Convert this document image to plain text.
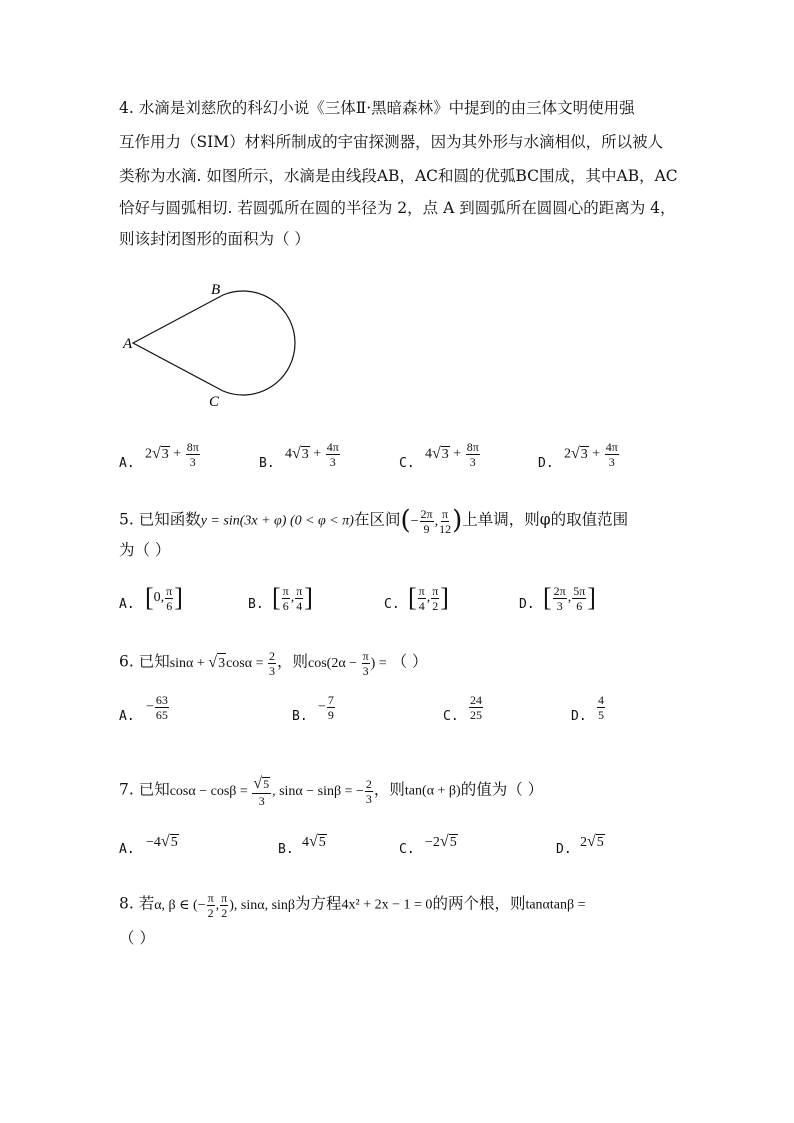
4. 水滴是刘慈欣的科幻小说《三体Ⅱ·黑暗森林》中提到的由三体文明使用强
互作用力（SIM）材料所制成的宇宙探测器，因为其外形与水滴相似，所以被人
类称为水滴. 如图所示，水滴是由线段AB，AC和圆的优弧BC围成，其中AB，AC
恰好与圆弧相切. 若圆弧所在圆的半径为 2，点 A 到圆弧所在圆圆心的距离为 4，
则该封闭图形的面积为（ ）
A
B
C
A.
$2√3 + \frac{8\pi}{3}$	B.
$4√3 + \frac{4\pi}{3}$	C.
$4√3 + \frac{8\pi}{3}$	D.
$2√3 + \frac{4\pi}{3}$
5. 已知函数y = sin(3x + φ) (0 < φ < π)在区间(− $\frac{2\pi}{9}$ , $\frac{\pi}{12}$ )上单调，则φ的取值范围
为（ ）
A. [0, $\frac{\pi}{6}$ ]	B. [ $\frac{\pi}{6}$ , $\frac{\pi}{4}$ ]	C. [ $\frac{\pi}{4}$ , $\frac{\pi}{2}$ ]	D. [ $\frac{2\pi}{3}$ , $\frac{5\pi}{6}$ ]
6. 已知$\sin\alpha + √3\cos\alpha = \frac{2}{3}$ ，则$\cos(2\alpha - \frac{\pi}{3}$ ) = （ ）
A.
− $\frac{63}{65}$	B.
− $\frac{7}{9}$	C. $\frac{24}{25}$	D. $\frac{4}{5}$
7. 已知$\cos\alpha - \cos\beta = \frac{√5}{3}$ , sinα − sinβ = − $\frac{2}{3}$ ，则tan(α + β)的值为（ ）
A. −4√5	B. 4√5	C. −2√5	D. 2√5
8. 若α, β ∈ (− $\frac{\pi}{2}$ , $\frac{\pi}{2}$ ), sinα, sinβ为方程4x² + 2x − 1 = 0的两个根，则tanαtanβ =
（ ）
